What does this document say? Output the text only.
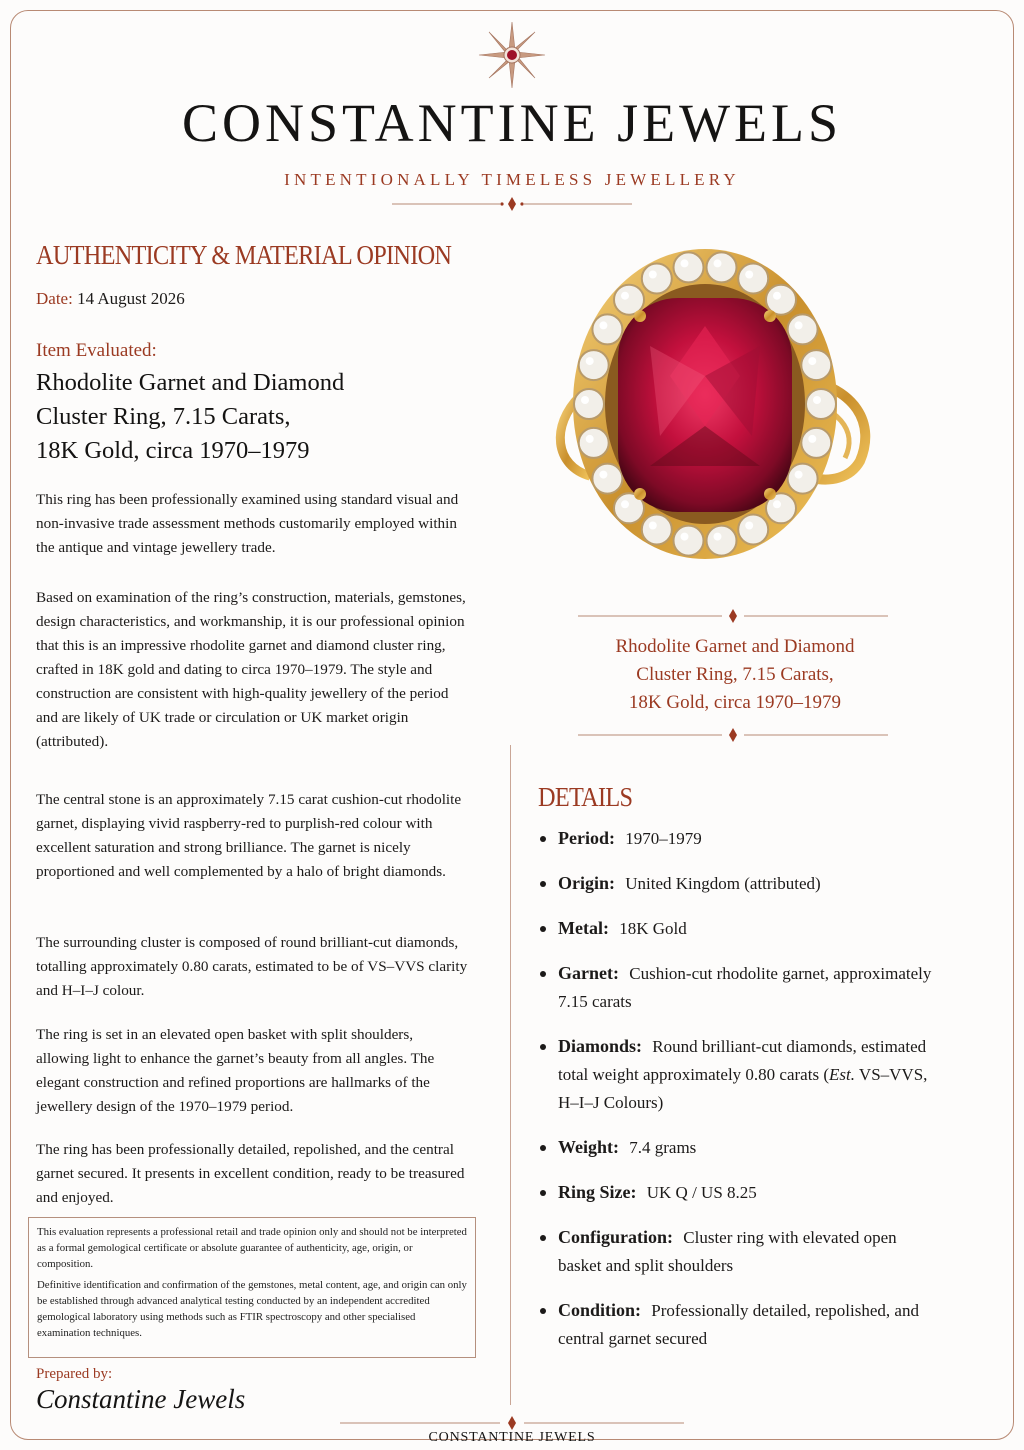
CONSTANTINE JEWELS
INTENTIONALLY TIMELESS JEWELLERY
AUTHENTICITY & MATERIAL OPINION
Date: 14 August 2026
Item Evaluated:
Rhodolite Garnet and Diamond
Cluster Ring, 7.15 Carats,
18K Gold, circa 1970–1979

This ring has been professionally examined using standard visual and non-invasive trade assessment methods customarily employed within the antique and vintage jewellery trade.

Based on examination of the ring’s construction, materials, gemstones, design characteristics, and workmanship, it is our professional opinion that this is an impressive rhodolite garnet and diamond cluster ring, crafted in 18K gold and dating to circa 1970–1979. The style and construction are consistent with high-quality jewellery of the period and are likely of UK trade or circulation or UK market origin (attributed).

The central stone is an approximately 7.15 carat cushion-cut rhodolite garnet, displaying vivid raspberry-red to purplish-red colour with excellent saturation and strong brilliance. The garnet is nicely proportioned and well complemented by a halo of bright diamonds.

The surrounding cluster is composed of round brilliant-cut diamonds, totalling approximately 0.80 carats, estimated to be of VS–VVS clarity and H–I–J colour.

The ring is set in an elevated open basket with split shoulders, allowing light to enhance the garnet’s beauty from all angles. The elegant construction and refined proportions are hallmarks of the jewellery design of the 1970–1979 period.

The ring has been professionally detailed, repolished, and the central garnet secured. It presents in excellent condition, ready to be treasured and enjoyed.

This evaluation represents a professional retail and trade opinion only and should not be interpreted as a formal gemological certificate or absolute guarantee of authenticity, age, origin, or composition.

Definitive identification and confirmation of the gemstones, metal content, age, and origin can only be established through advanced analytical testing conducted by an independent accredited gemological laboratory using methods such as FTIR spectroscopy and other specialised examination techniques.

Prepared by:
Constantine Jewels
Rhodolite Garnet and Diamond
Cluster Ring, 7.15 Carats,
18K Gold, circa 1970–1979
DETAILS
Period: 1970–1979
Origin: United Kingdom (attributed)
Metal: 18K Gold
Garnet: Cushion-cut rhodolite garnet, approximately 7.15 carats
Diamonds: Round brilliant-cut diamonds, estimated total weight approximately 0.80 carats (Est. VS–VVS, H–I–J Colours)
Weight: 7.4 grams
Ring Size: UK Q / US 8.25
Configuration: Cluster ring with elevated open basket and split shoulders
Condition: Professionally detailed, repolished, and central garnet secured
CONSTANTINE JEWELS
